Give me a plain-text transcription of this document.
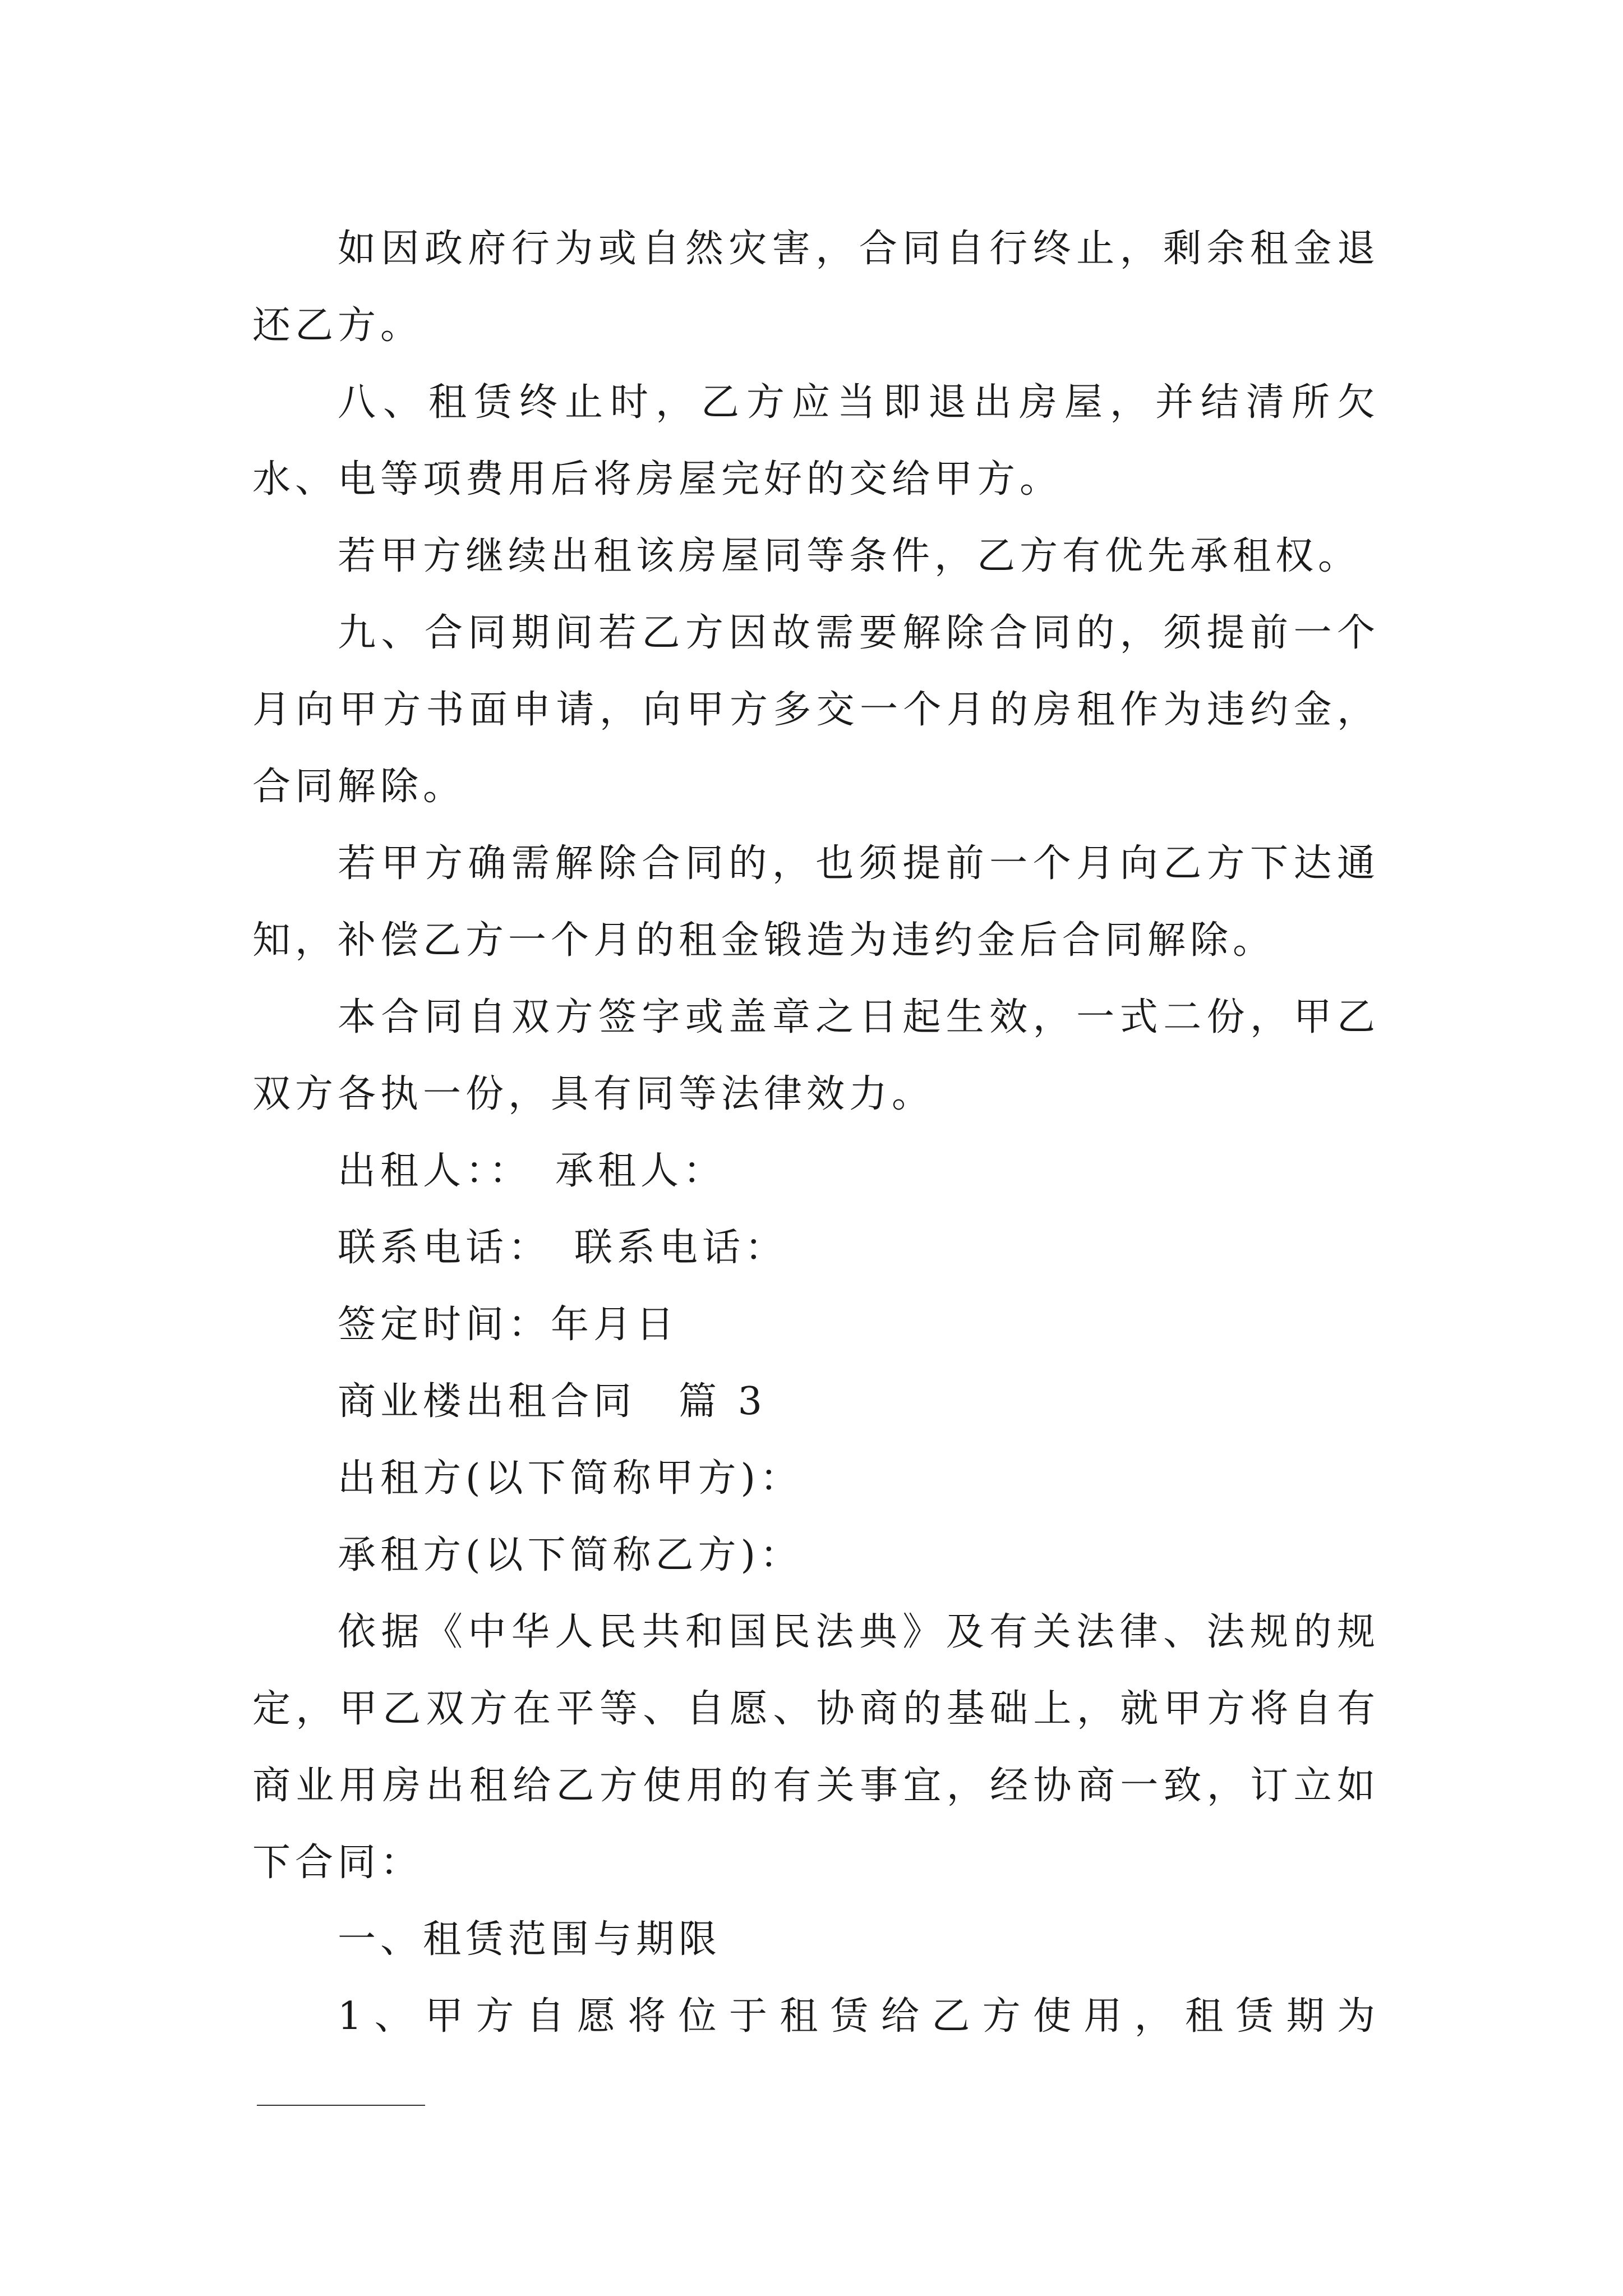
如因政府行为或自然灾害，合同自行终止，剩余租金退还乙方。

八、租赁终止时，乙方应当即退出房屋，并结清所欠水、电等项费用后将房屋完好的交给甲方。

若甲方继续出租该房屋同等条件，乙方有优先承租权。

九、合同期间若乙方因故需要解除合同的，须提前一个月向甲方书面申请，向甲方多交一个月的房租作为违约金，合同解除。

若甲方确需解除合同的，也须提前一个月向乙方下达通知，补偿乙方一个月的租金锻造为违约金后合同解除。

本合同自双方签字或盖章之日起生效，一式二份，甲乙双方各执一份，具有同等法律效力。

出租人：：　承租人：

联系电话：　联系电话：

签定时间：年月日

商业楼出租合同　篇 3

出租方(以下简称甲方)：

承租方(以下简称乙方)：

依据《中华人民共和国民法典》及有关法律、法规的规定，甲乙双方在平等、自愿、协商的基础上，就甲方将自有商业用房出租给乙方使用的有关事宜，经协商一致，订立如下合同：

一、租赁范围与期限

1、甲方自愿将位于租赁给乙方使用，租赁期为
